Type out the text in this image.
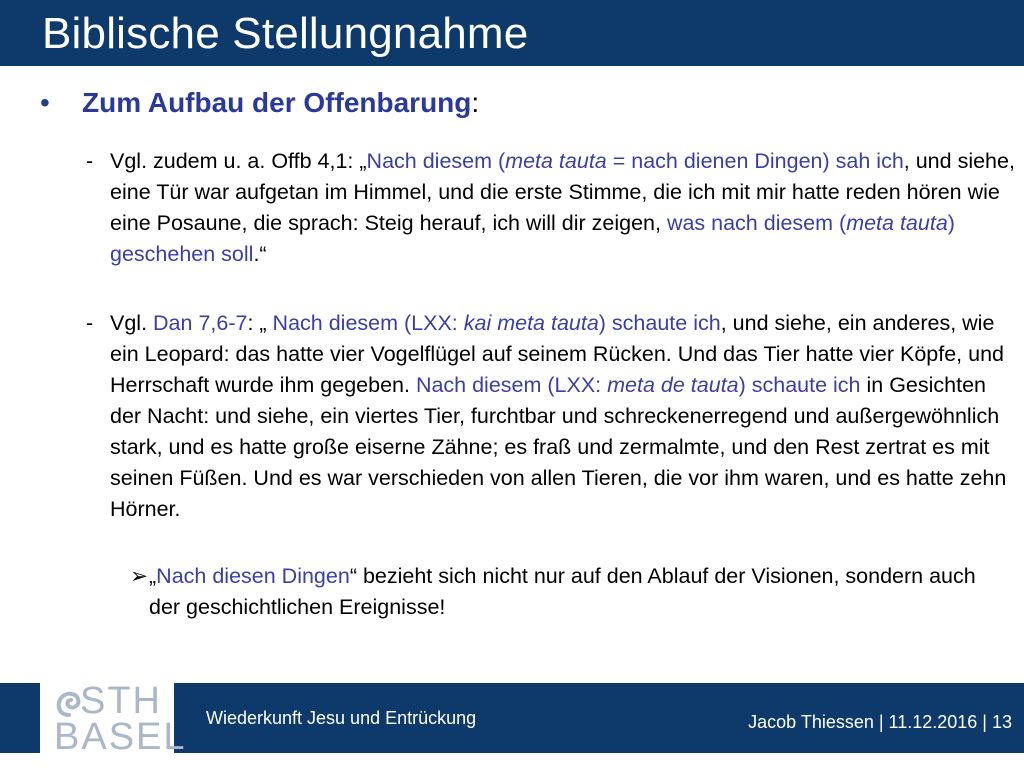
Biblische Stellungnahme
• Zum Aufbau der Offenbarung:
- Vgl. zudem u. a. Offb 4,1: „Nach diesem (meta tauta = nach dienen Dingen) sah ich, und siehe, eine Tür war aufgetan im Himmel, und die erste Stimme, die ich mit mir hatte reden hören wie eine Posaune, die sprach: Steig herauf, ich will dir zeigen, was nach diesem (meta tauta) geschehen soll.“
- Vgl. Dan 7,6-7: „ Nach diesem (LXX: kai meta tauta) schaute ich, und siehe, ein anderes, wie ein Leopard: das hatte vier Vogelflügel auf seinem Rücken. Und das Tier hatte vier Köpfe, und Herrschaft wurde ihm gegeben. Nach diesem (LXX: meta de tauta) schaute ich in Gesichten der Nacht: und siehe, ein viertes Tier, furchtbar und schreckenerregend und außergewöhnlich stark, und es hatte große eiserne Zähne; es fraß und zermalmte, und den Rest zertrat es mit seinen Füßen. Und es war verschieden von allen Tieren, die vor ihm waren, und es hatte zehn Hörner.
➢ „Nach diesen Dingen“ bezieht sich nicht nur auf den Ablauf der Visionen, sondern auch der geschichtlichen Ereignisse!
STH
BASEL Wiederkunft Jesu und Entrückung	Jacob Thiessen | 11.12.2016 | 13
